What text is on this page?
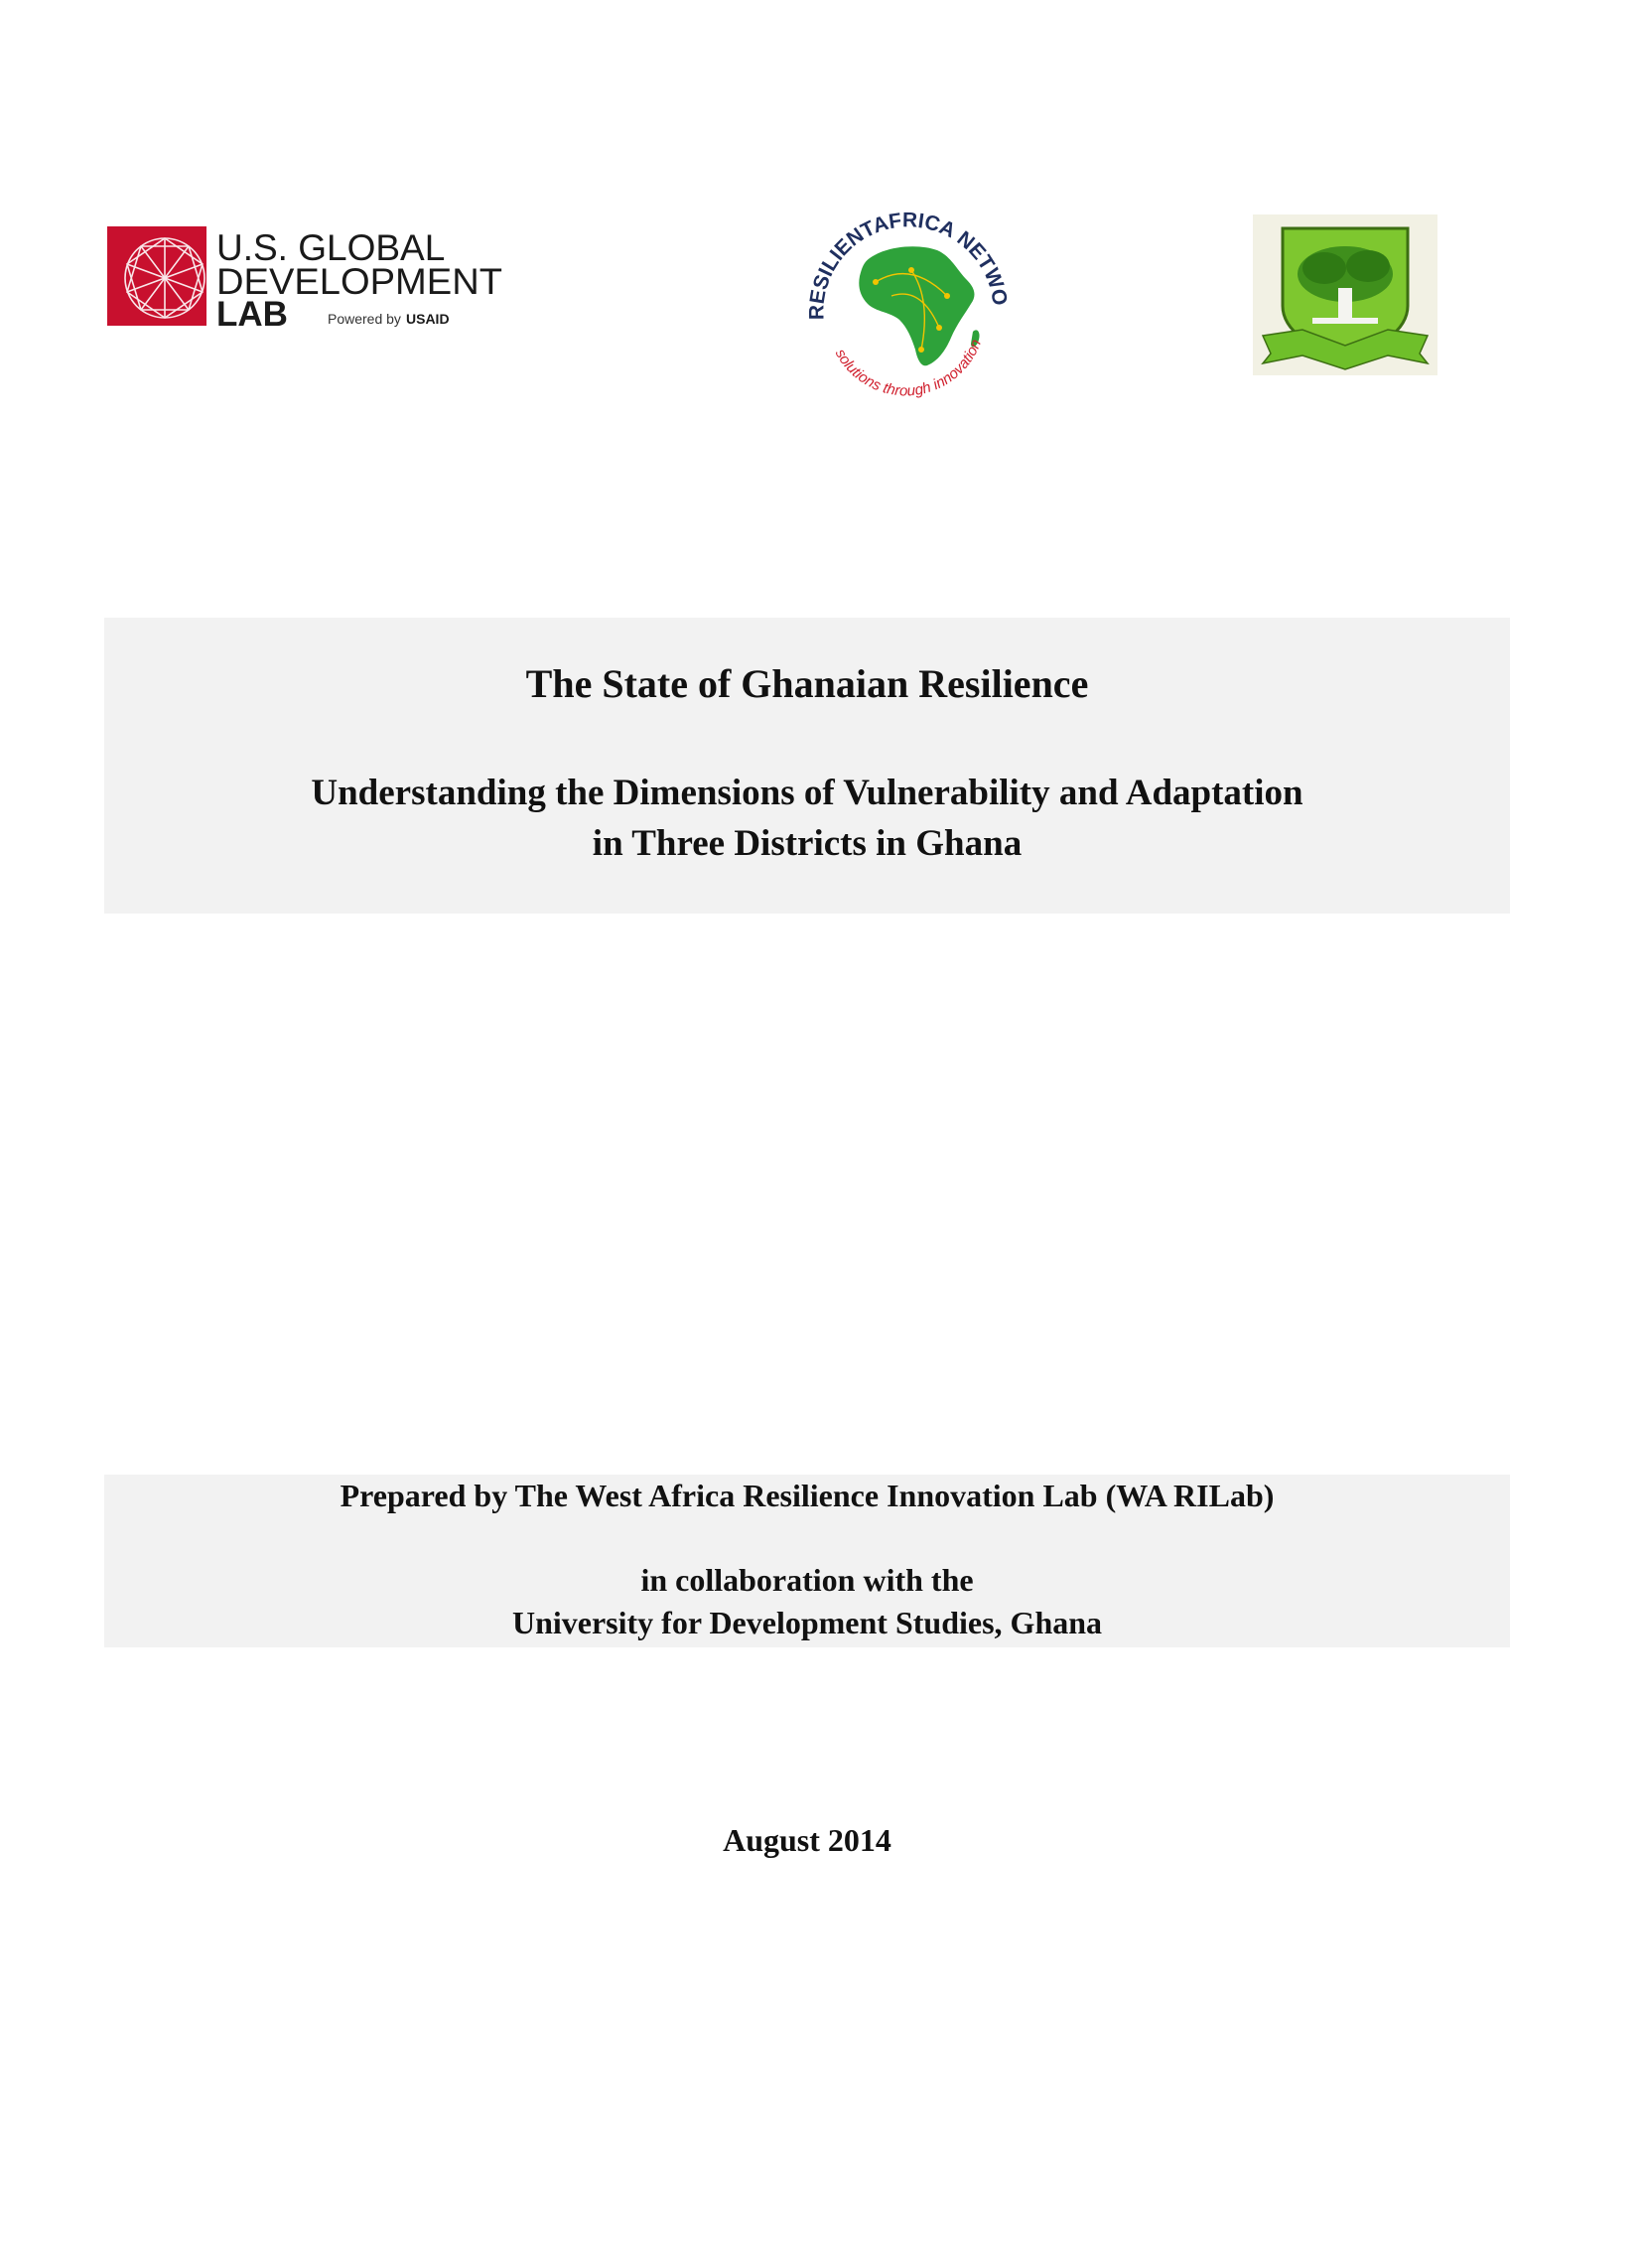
U.S. GLOBAL
DEVELOPMENT
LAB	Powered by USAID	RESILIENTAFRICA NETWO
solutions through innovation
The State of Ghanaian Resilience
Understanding the Dimensions of Vulnerability and Adaptation
in Three Districts in Ghana
Prepared by The West Africa Resilience Innovation Lab (WA RILab)
in collaboration with the
University for Development Studies, Ghana
August 2014
